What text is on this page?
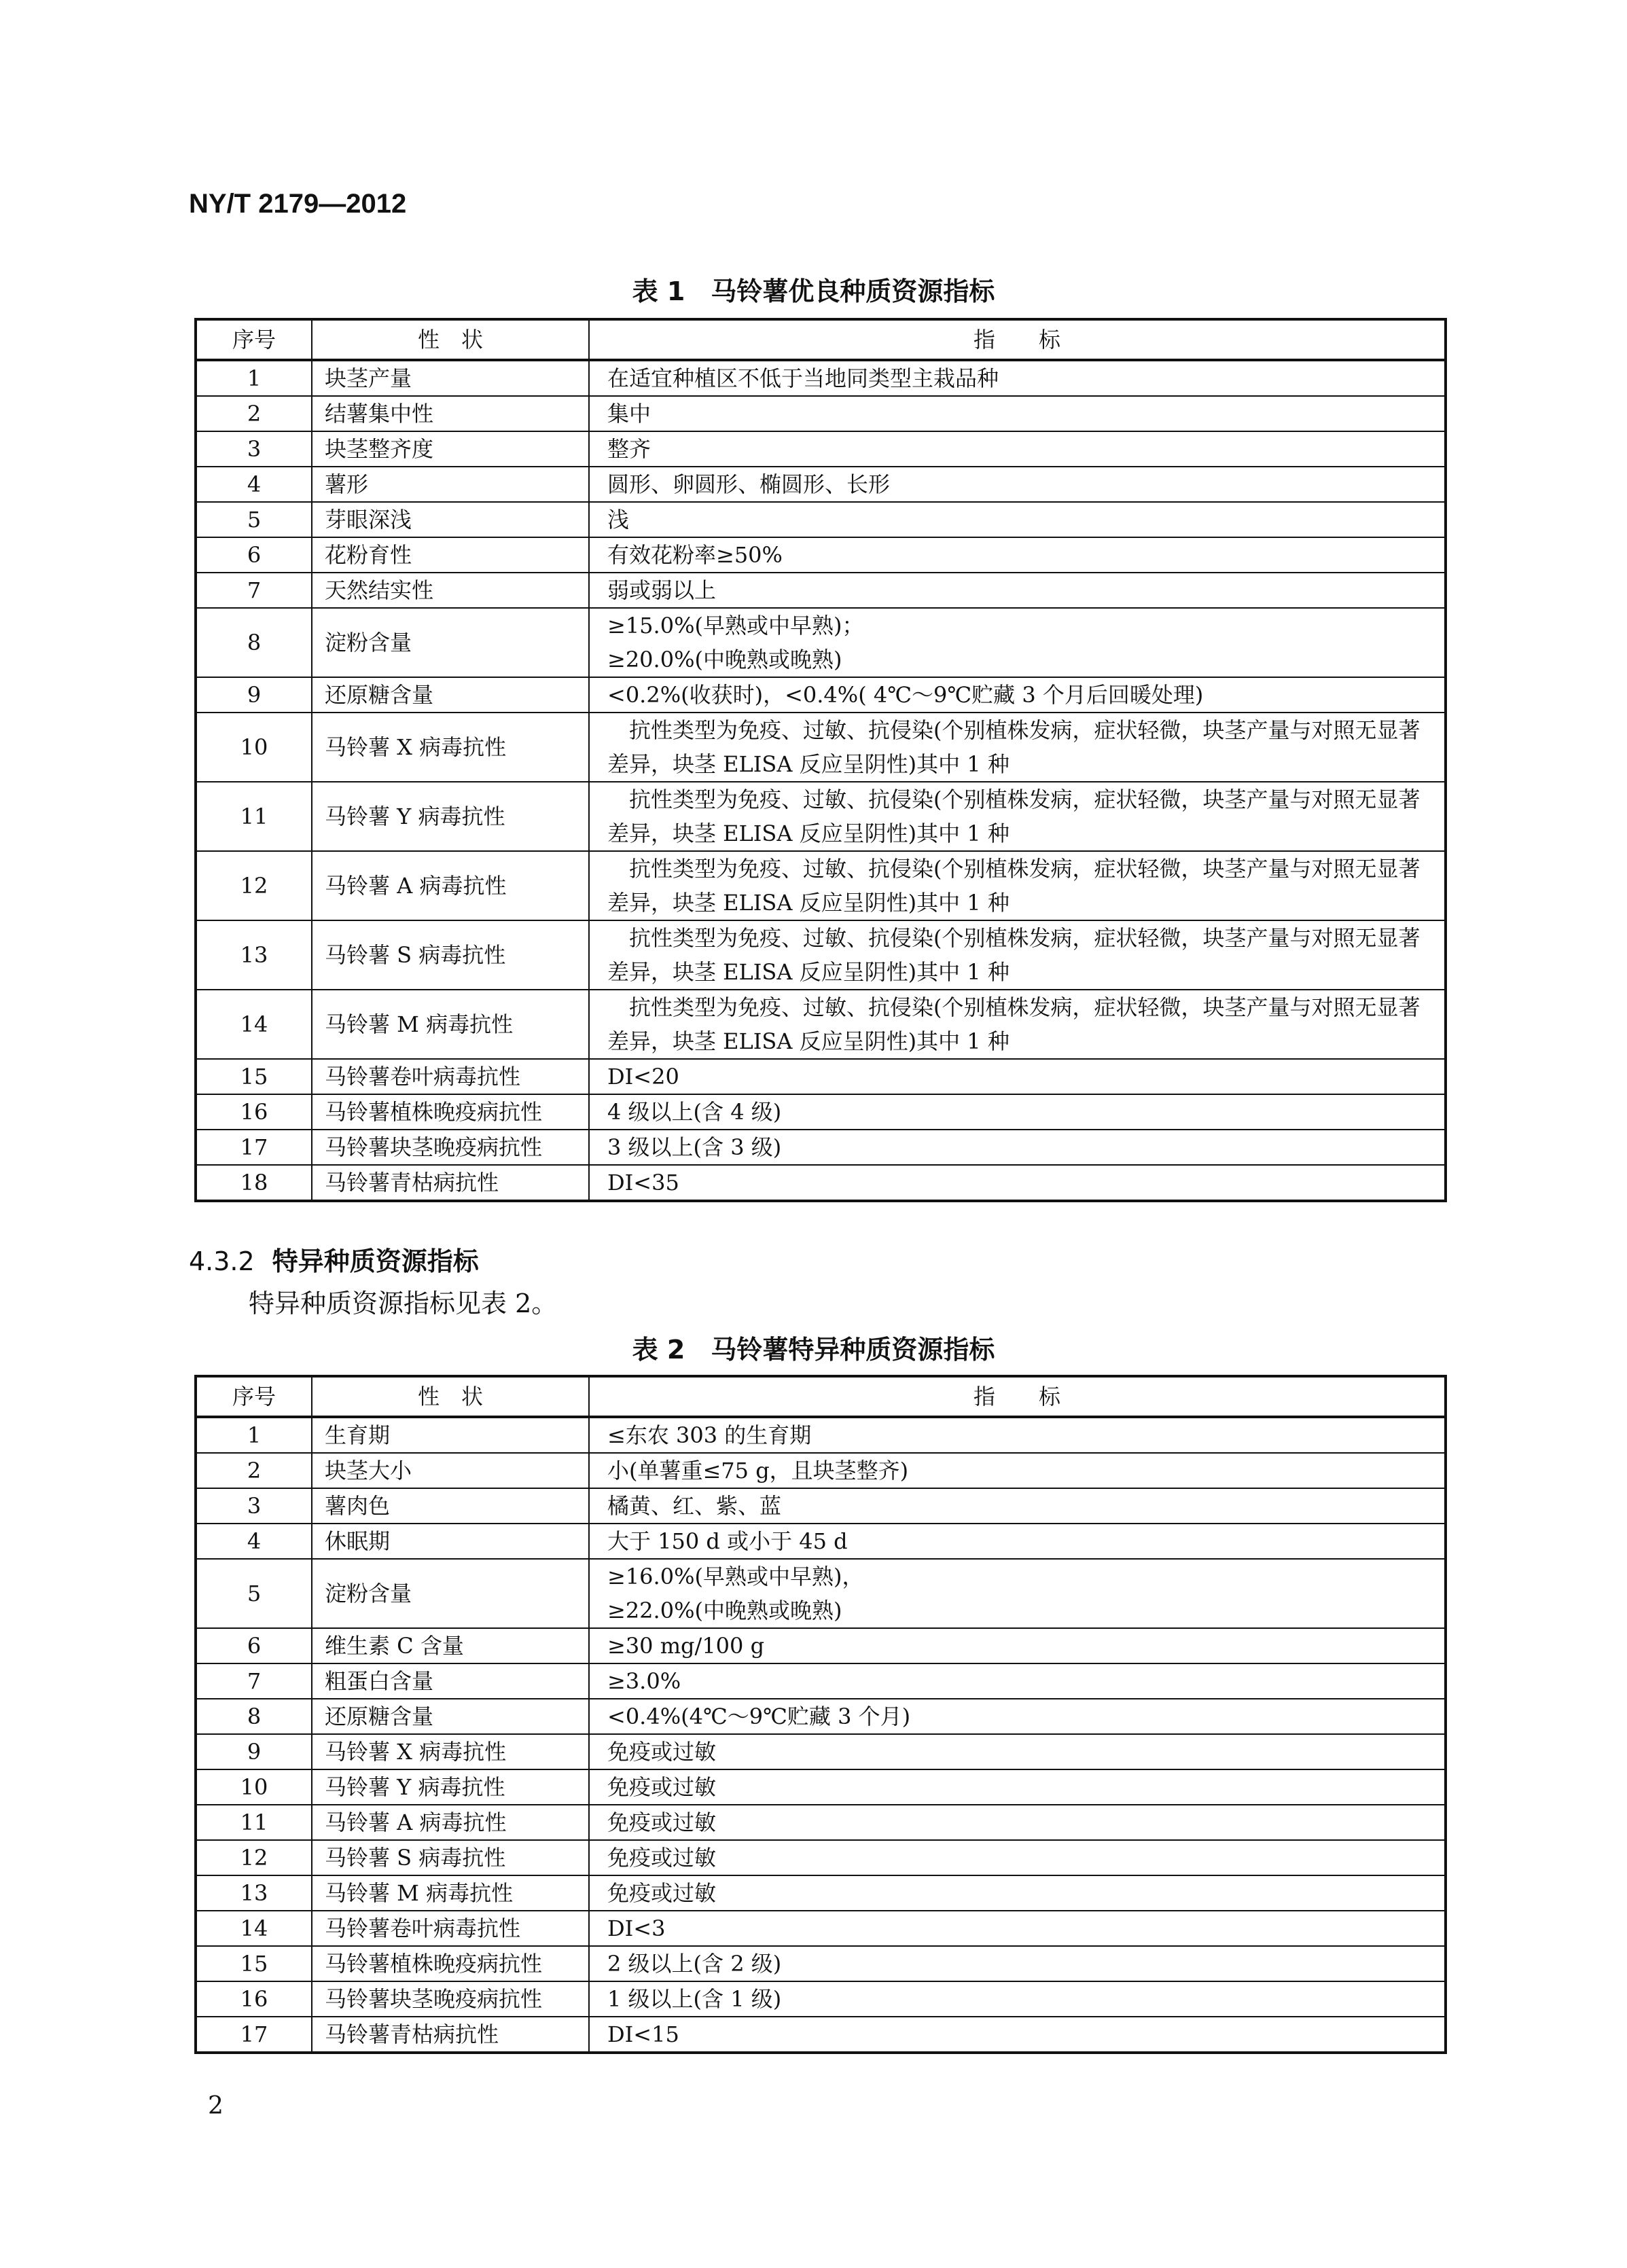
NY/T 2179—2012
表 1　马铃薯优良种质资源指标
序号	性　状	指　　标
1	块茎产量	在适宜种植区不低于当地同类型主栽品种

2	结薯集中性	集中

3	块茎整齐度	整齐

4	薯形	圆形、卵圆形、椭圆形、长形

5	芽眼深浅	浅

6	花粉育性	有效花粉率≥50%

7	天然结实性	弱或弱以上

8	淀粉含量	≥15.0%(早熟或中早熟)；
≥20.0%(中晚熟或晚熟)

9	还原糖含量	<0.2%(收获时)，<0.4%( 4℃～9℃贮藏 3 个月后回暖处理)

10	马铃薯 X 病毒抗性	抗性类型为免疫、过敏、抗侵染(个别植株发病，症状轻微，块茎产量与对照无显著差异，块茎 ELISA 反应呈阴性)其中 1 种

11	马铃薯 Y 病毒抗性	抗性类型为免疫、过敏、抗侵染(个别植株发病，症状轻微，块茎产量与对照无显著差异，块茎 ELISA 反应呈阴性)其中 1 种

12	马铃薯 A 病毒抗性	抗性类型为免疫、过敏、抗侵染(个别植株发病，症状轻微，块茎产量与对照无显著差异，块茎 ELISA 反应呈阴性)其中 1 种

13	马铃薯 S 病毒抗性	抗性类型为免疫、过敏、抗侵染(个别植株发病，症状轻微，块茎产量与对照无显著差异，块茎 ELISA 反应呈阴性)其中 1 种

14	马铃薯 M 病毒抗性	抗性类型为免疫、过敏、抗侵染(个别植株发病，症状轻微，块茎产量与对照无显著差异，块茎 ELISA 反应呈阴性)其中 1 种

15	马铃薯卷叶病毒抗性	DI<20

16	马铃薯植株晚疫病抗性	4 级以上(含 4 级)

17	马铃薯块茎晚疫病抗性	3 级以上(含 3 级)

18	马铃薯青枯病抗性	DI<35
4.3.2 特异种质资源指标
特异种质资源指标见表 2。
表 2　马铃薯特异种质资源指标
序号	性　状	指　　标
1	生育期	≤东农 303 的生育期

2	块茎大小	小(单薯重≤75 g，且块茎整齐)

3	薯肉色	橘黄、红、紫、蓝

4	休眠期	大于 150 d 或小于 45 d

5	淀粉含量	≥16.0%(早熟或中早熟)，
≥22.0%(中晚熟或晚熟)

6	维生素 C 含量	≥30 mg/100 g

7	粗蛋白含量	≥3.0%

8	还原糖含量	<0.4%(4℃～9℃贮藏 3 个月)

9	马铃薯 X 病毒抗性	免疫或过敏

10	马铃薯 Y 病毒抗性	免疫或过敏

11	马铃薯 A 病毒抗性	免疫或过敏

12	马铃薯 S 病毒抗性	免疫或过敏

13	马铃薯 M 病毒抗性	免疫或过敏

14	马铃薯卷叶病毒抗性	DI<3

15	马铃薯植株晚疫病抗性	2 级以上(含 2 级)

16	马铃薯块茎晚疫病抗性	1 级以上(含 1 级)

17	马铃薯青枯病抗性	DI<15
2
